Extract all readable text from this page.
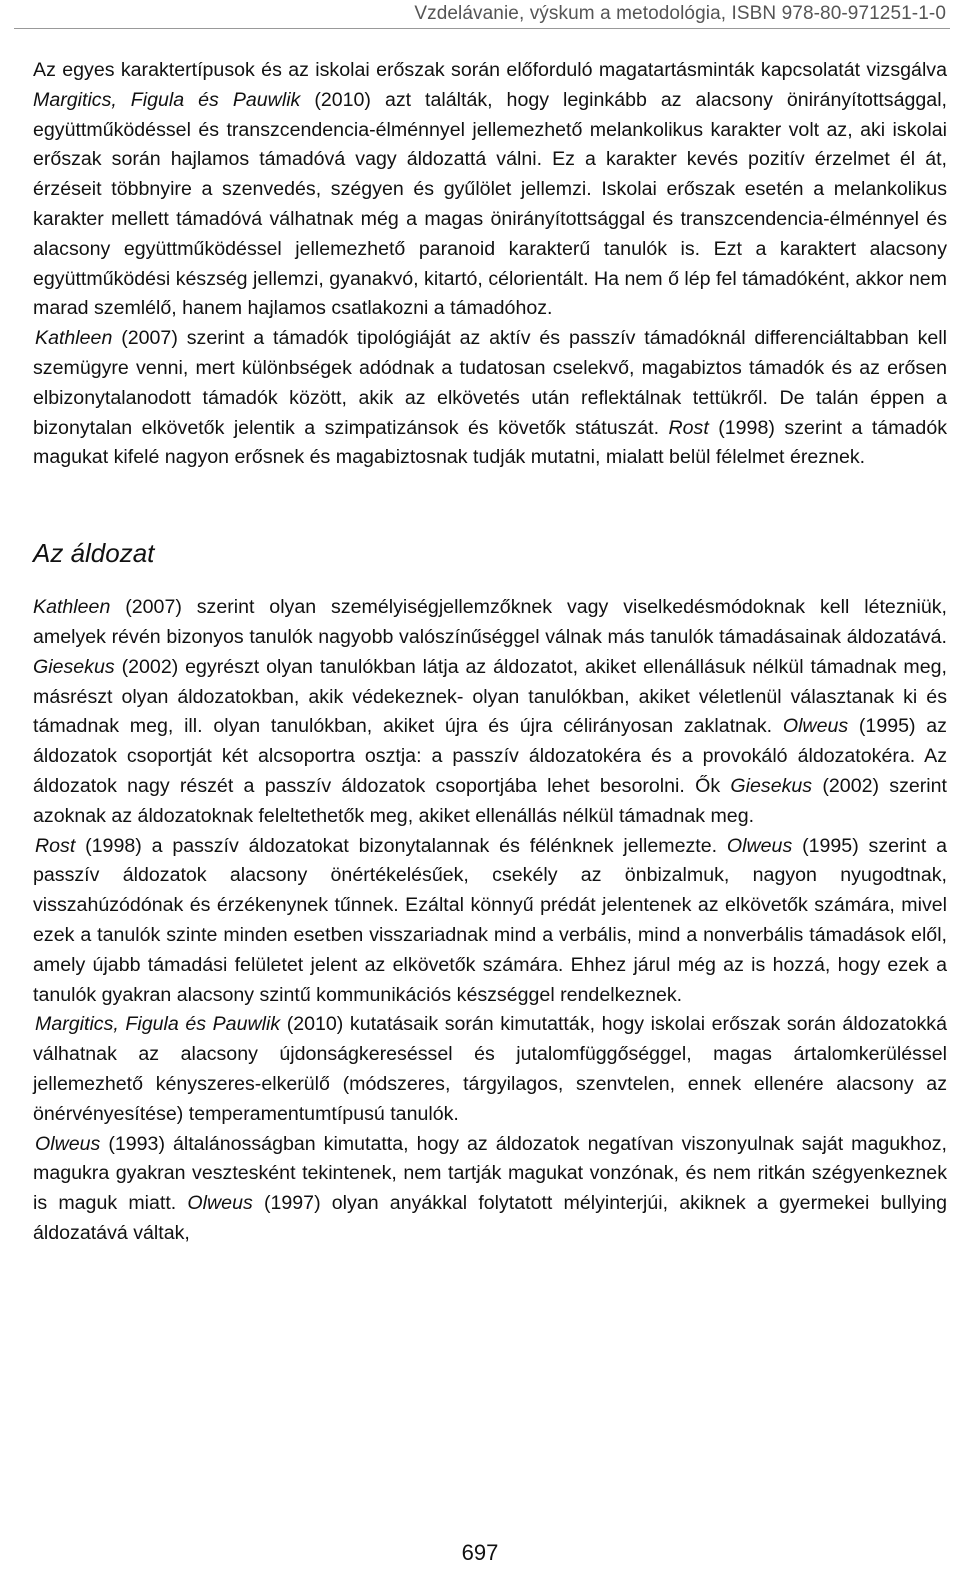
Vzdelávanie, výskum a metodológia, ISBN 978-80-971251-1-0

Az egyes karaktertípusok és az iskolai erőszak során előforduló magatartásminták kapcsolatát vizsgálva Margitics, Figula és Pauwlik (2010) azt találták, hogy leginkább az alacsony önirányítottsággal, együttműködéssel és transzcendencia-élménnyel jellemezhető melankolikus karakter volt az, aki iskolai erőszak során hajlamos támadóvá vagy áldozattá válni. Ez a karakter kevés pozitív érzelmet él át, érzéseit többnyire a szenvedés, szégyen és gyűlölet jellemzi. Iskolai erőszak esetén a melankolikus karakter mellett támadóvá válhatnak még a magas önirányítottsággal és transzcendencia-élménnyel és alacsony együttműködéssel jellemezhető paranoid karakterű tanulók is. Ezt a karaktert alacsony együttműködési készség jellemzi, gyanakvó, kitartó, célorientált. Ha nem ő lép fel támadóként, akkor nem marad szemlélő, hanem hajlamos csatlakozni a támadóhoz.

Kathleen (2007) szerint a támadók tipológiáját az aktív és passzív támadóknál differenciáltabban kell szemügyre venni, mert különbségek adódnak a tudatosan cselekvő, magabiztos támadók és az erősen elbizonytalanodott támadók között, akik az elkövetés után reflektálnak tettükről. De talán éppen a bizonytalan elkövetők jelentik a szimpatizánsok és követők státuszát. Rost (1998) szerint a támadók magukat kifelé nagyon erősnek és magabiztosnak tudják mutatni, mialatt belül félelmet éreznek.

Az áldozat

Kathleen (2007) szerint olyan személyiségjellemzőknek vagy viselkedésmódoknak kell létezniük, amelyek révén bizonyos tanulók nagyobb valószínűséggel válnak más tanulók támadásainak áldozatává. Giesekus (2002) egyrészt olyan tanulókban látja az áldozatot, akiket ellenállásuk nélkül támadnak meg, másrészt olyan áldozatokban, akik védekeznek- olyan tanulókban, akiket véletlenül választanak ki és támadnak meg, ill. olyan tanulókban, akiket újra és újra célirányosan zaklatnak. Olweus (1995) az áldozatok csoportját két alcsoportra osztja: a passzív áldozatokéra és a provokáló áldozatokéra. Az áldozatok nagy részét a passzív áldozatok csoportjába lehet besorolni. Ők Giesekus (2002) szerint azoknak az áldozatoknak feleltethetők meg, akiket ellenállás nélkül támadnak meg.

Rost (1998) a passzív áldozatokat bizonytalannak és félénknek jellemezte. Olweus (1995) szerint a passzív áldozatok alacsony önértékelésűek, csekély az önbizalmuk, nagyon nyugodtnak, visszahúzódónak és érzékenynek tűnnek. Ezáltal könnyű prédát jelentenek az elkövetők számára, mivel ezek a tanulók szinte minden esetben visszariadnak mind a verbális, mind a nonverbális támadások elől, amely újabb támadási felületet jelent az elkövetők számára. Ehhez járul még az is hozzá, hogy ezek a tanulók gyakran alacsony szintű kommunikációs készséggel rendelkeznek.

Margitics, Figula és Pauwlik (2010) kutatásaik során kimutatták, hogy iskolai erőszak során áldozatokká válhatnak az alacsony újdonságkereséssel és jutalomfüggőséggel, magas ártalomkerüléssel jellemezhető kényszeres-elkerülő (módszeres, tárgyilagos, szenvtelen, ennek ellenére alacsony az önérvényesítése) temperamentumtípusú tanulók.

Olweus (1993) általánosságban kimutatta, hogy az áldozatok negatívan viszonyulnak saját magukhoz, magukra gyakran vesztesként tekintenek, nem tartják magukat vonzónak, és nem ritkán szégyenkeznek is maguk miatt. Olweus (1997) olyan anyákkal folytatott mélyinterjúi, akiknek a gyermekei bullying áldozatává váltak,

697
